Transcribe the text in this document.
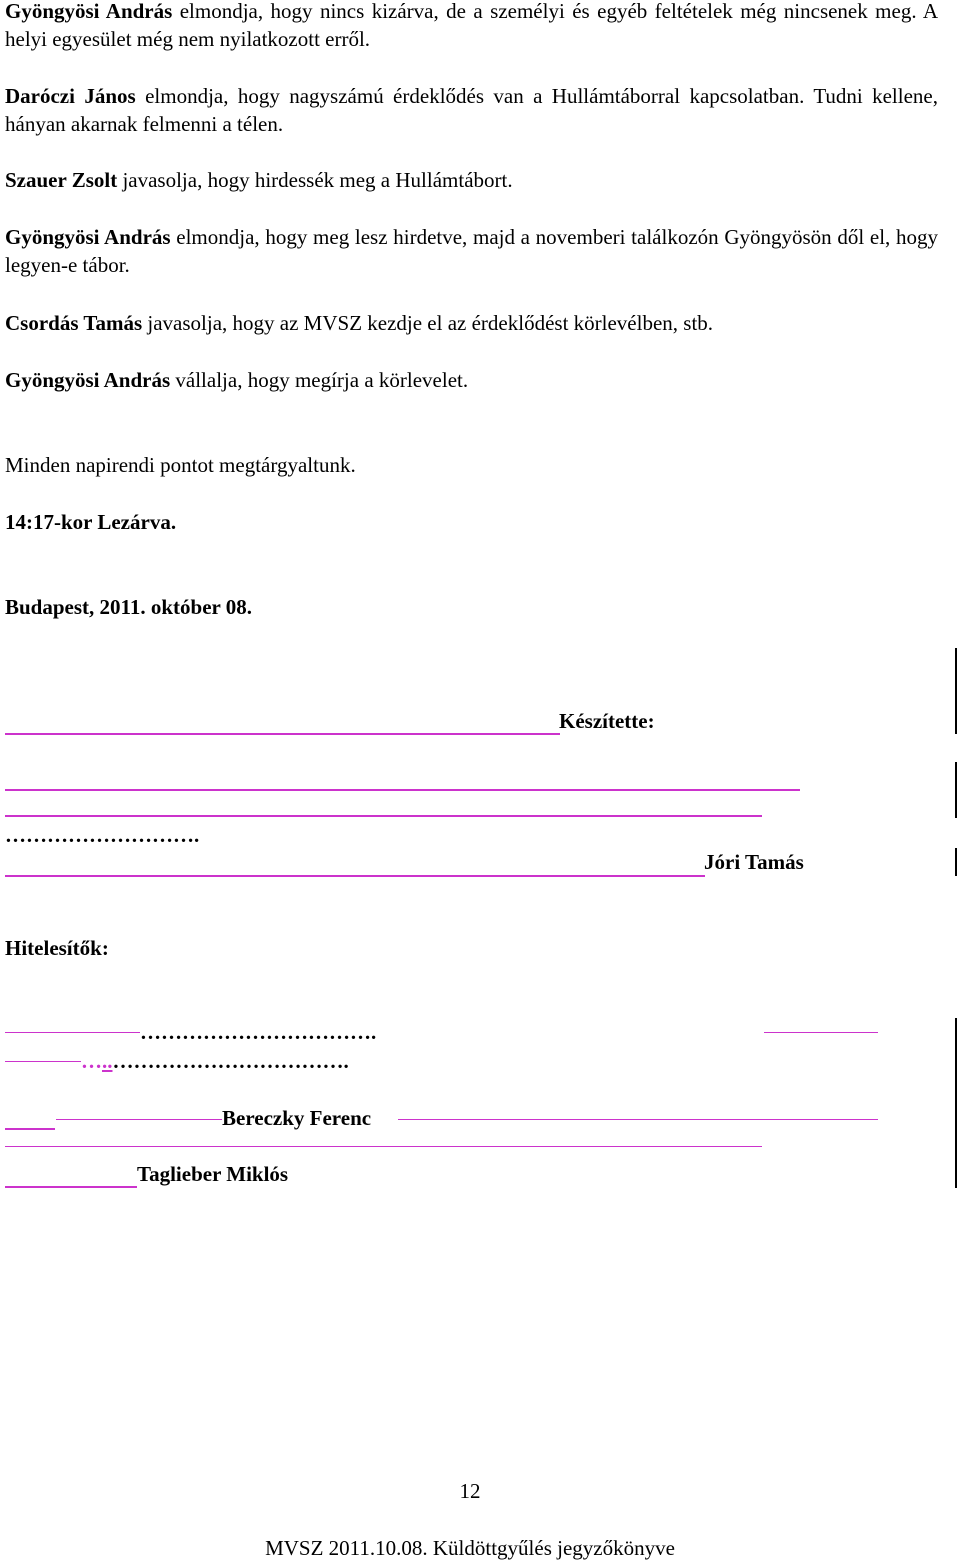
Gyöngyösi András elmondja, hogy nincs kizárva, de a személyi és egyéb feltételek még nincsenek meg. A helyi egyesület még nem nyilatkozott erről.

Daróczi János elmondja, hogy nagyszámú érdeklődés van a Hullámtáborral kapcsolatban. Tudni kellene, hányan akarnak felmenni a télen.

Szauer Zsolt javasolja, hogy hirdessék meg a Hullámtábort.

Gyöngyösi András elmondja, hogy meg lesz hirdetve, majd a novemberi találkozón Gyöngyösön dől el, hogy legyen-e tábor.

Csordás Tamás javasolja, hogy az MVSZ kezdje el az érdeklődést körlevélben, stb.

Gyöngyösi András vállalja, hogy megírja a körlevelet.

Minden napirendi pontot megtárgyaltunk.
14:17-kor Lezárva.
Budapest, 2011. október 08.
Készítette:
……………………….
Jóri Tamás
Hitelesítők:
…………………………….
…..…………………………….
Bereczky Ferenc
Taglieber Miklós
12
MVSZ 2011.10.08. Küldöttgyűlés jegyzőkönyve
